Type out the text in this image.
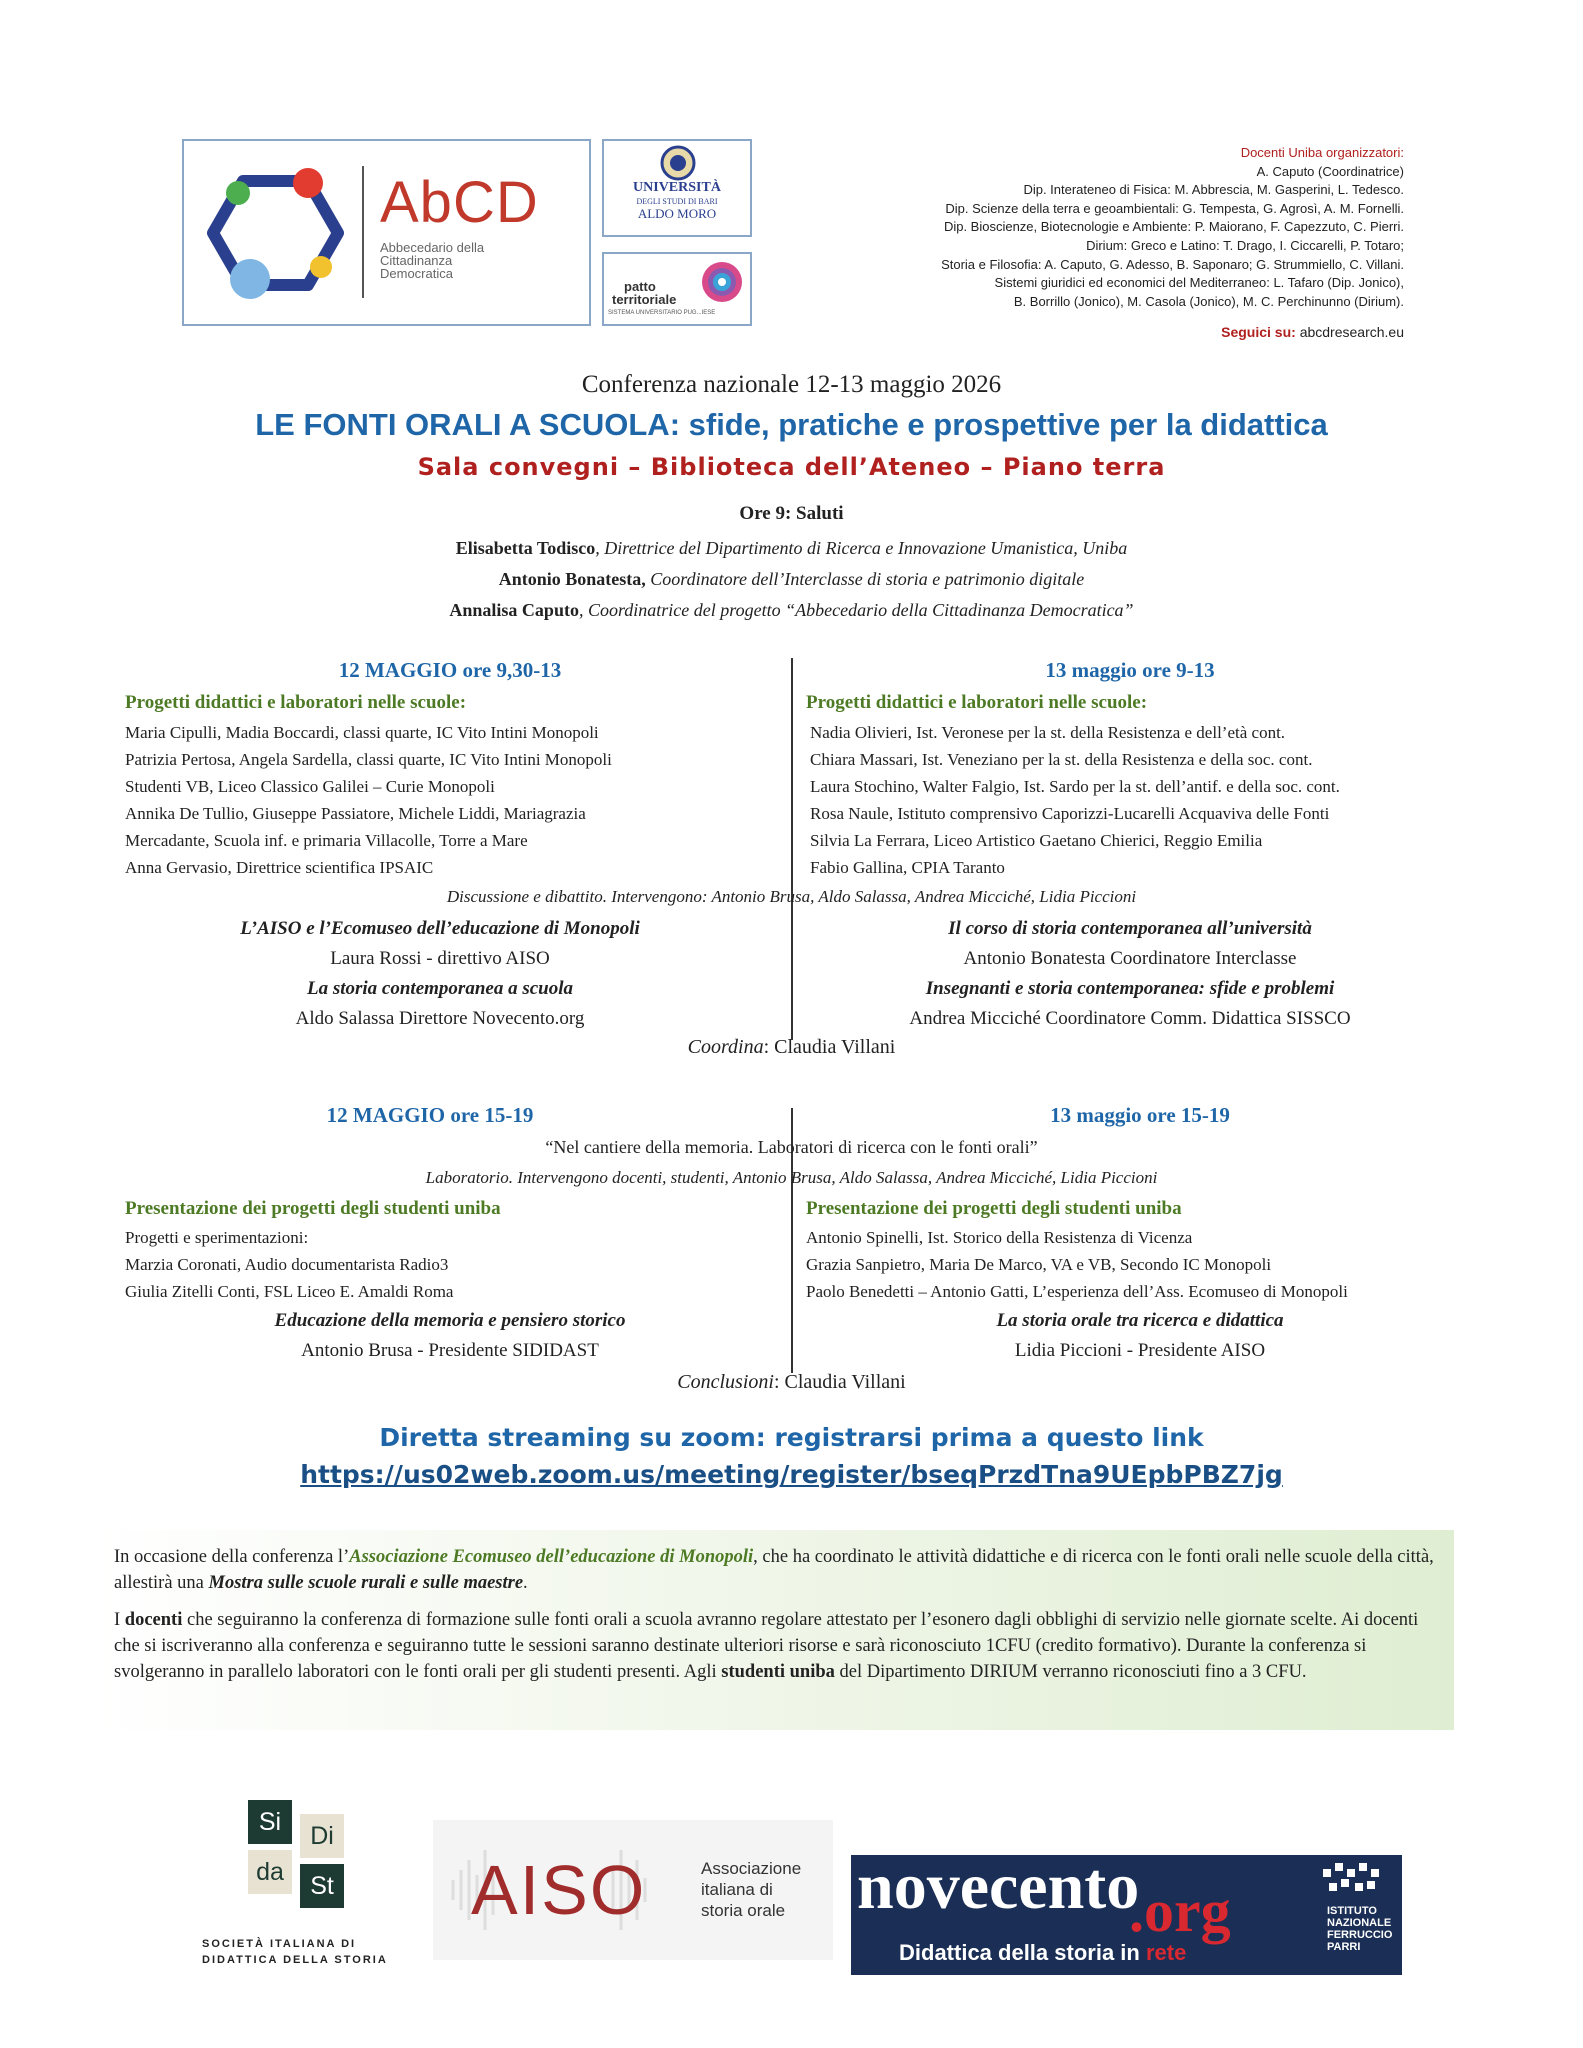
AbCD
Abbecedario della
Cittadinanza
Democratica
UNIVERSITÀ
DEGLI STUDI DI BARI
ALDO MORO
patto
territoriale
SISTEMA UNIVERSITARIO PUG...IESE
Docenti Uniba organizzatori:
A. Caputo (Coordinatrice)
Dip. Interateneo di Fisica: M. Abbrescia, M. Gasperini, L. Tedesco.
Dip. Scienze della terra e geoambientali: G. Tempesta, G. Agrosì, A. M. Fornelli.
Dip. Bioscienze, Biotecnologie e Ambiente: P. Maiorano, F. Capezzuto, C. Pierri.
Dirium: Greco e Latino: T. Drago, I. Ciccarelli, P. Totaro;
Storia e Filosofia: A. Caputo, G. Adesso, B. Saponaro; G. Strummiello, C. Villani.
Sistemi giuridici ed economici del Mediterraneo: L. Tafaro (Dip. Jonico),
B. Borrillo (Jonico), M. Casola (Jonico), M. C. Perchinunno (Dirium).
Seguici su: abcdresearch.eu
Conferenza nazionale 12-13 maggio 2026
LE FONTI ORALI A SCUOLA: sfide, pratiche e prospettive per la didattica
Sala convegni – Biblioteca dell’Ateneo – Piano terra
Ore 9: Saluti
Elisabetta Todisco, Direttrice del Dipartimento di Ricerca e Innovazione Umanistica, Uniba
Antonio Bonatesta, Coordinatore dell’Interclasse di storia e patrimonio digitale
Annalisa Caputo, Coordinatrice del progetto “Abbecedario della Cittadinanza Democratica”
12 MAGGIO ore 9,30-13	13 maggio ore 9-13
Progetti didattici e laboratori nelle scuole:	Progetti didattici e laboratori nelle scuole:
Maria Cipulli, Madia Boccardi, classi quarte, IC Vito Intini Monopoli
Patrizia Pertosa, Angela Sardella, classi quarte, IC Vito Intini Monopoli
Studenti VB, Liceo Classico Galilei – Curie Monopoli
Annika De Tullio, Giuseppe Passiatore, Michele Liddi, Mariagrazia
Mercadante, Scuola inf. e primaria Villacolle, Torre a Mare
Anna Gervasio, Direttrice scientifica IPSAIC
Nadia Olivieri, Ist. Veronese per la st. della Resistenza e dell’età cont.
Chiara Massari, Ist. Veneziano per la st. della Resistenza e della soc. cont.
Laura Stochino, Walter Falgio, Ist. Sardo per la st. dell’antif. e della soc. cont.
Rosa Naule, Istituto comprensivo Caporizzi-Lucarelli Acquaviva delle Fonti
Silvia La Ferrara, Liceo Artistico Gaetano Chierici, Reggio Emilia
Fabio Gallina, CPIA Taranto
Discussione e dibattito. Intervengono: Antonio Brusa, Aldo Salassa, Andrea Micciché, Lidia Piccioni
L’AISO e l’Ecomuseo dell’educazione di Monopoli
Laura Rossi - direttivo AISO
La storia contemporanea a scuola
Aldo Salassa Direttore Novecento.org
Il corso di storia contemporanea all’università
Antonio Bonatesta Coordinatore Interclasse
Insegnanti e storia contemporanea: sfide e problemi
Andrea Micciché Coordinatore Comm. Didattica SISSCO
Coordina: Claudia Villani
12 MAGGIO ore 15-19	13 maggio ore 15-19
“Nel cantiere della memoria. Laboratori di ricerca con le fonti orali”
Laboratorio. Intervengono docenti, studenti, Antonio Brusa, Aldo Salassa, Andrea Micciché, Lidia Piccioni
Presentazione dei progetti degli studenti uniba	Presentazione dei progetti degli studenti uniba
Progetti e sperimentazioni:
Marzia Coronati, Audio documentarista Radio3
Giulia Zitelli Conti, FSL Liceo E. Amaldi Roma
Antonio Spinelli, Ist. Storico della Resistenza di Vicenza
Grazia Sanpietro, Maria De Marco, VA e VB, Secondo IC Monopoli
Paolo Benedetti – Antonio Gatti, L’esperienza dell’Ass. Ecomuseo di Monopoli
Educazione della memoria e pensiero storico
Antonio Brusa - Presidente SIDIDAST
La storia orale tra ricerca e didattica
Lidia Piccioni - Presidente AISO
Conclusioni: Claudia Villani
Diretta streaming su zoom: registrarsi prima a questo link
https://us02web.zoom.us/meeting/register/bseqPrzdTna9UEpbPBZ7jg

In occasione della conferenza l’Associazione Ecomuseo dell’educazione di Monopoli, che ha coordinato le attività didattiche e di ricerca con le fonti orali nelle scuole della città, allestirà una Mostra sulle scuole rurali e sulle maestre.

I docenti che seguiranno la conferenza di formazione sulle fonti orali a scuola avranno regolare attestato per l’esonero dagli obblighi di servizio nelle giornate scelte. Ai docenti che si iscriveranno alla conferenza e seguiranno tutte le sessioni saranno destinate ulteriori risorse e sarà riconosciuto 1CFU (credito formativo). Durante la conferenza si svolgeranno in parallelo laboratori con le fonti orali per gli studenti presenti. Agli studenti uniba del Dipartimento DIRIUM verranno riconosciuti fino a 3 CFU.

Si	Di
da	St
SOCIETÀ ITALIANA DI
DIDATTICA DELLA STORIA
AISO	Associazione
italiana di
storia orale novecento
.org
Didattica della storia in rete
ISTITUTO
NAZIONALE
FERRUCCIO
PARRI
